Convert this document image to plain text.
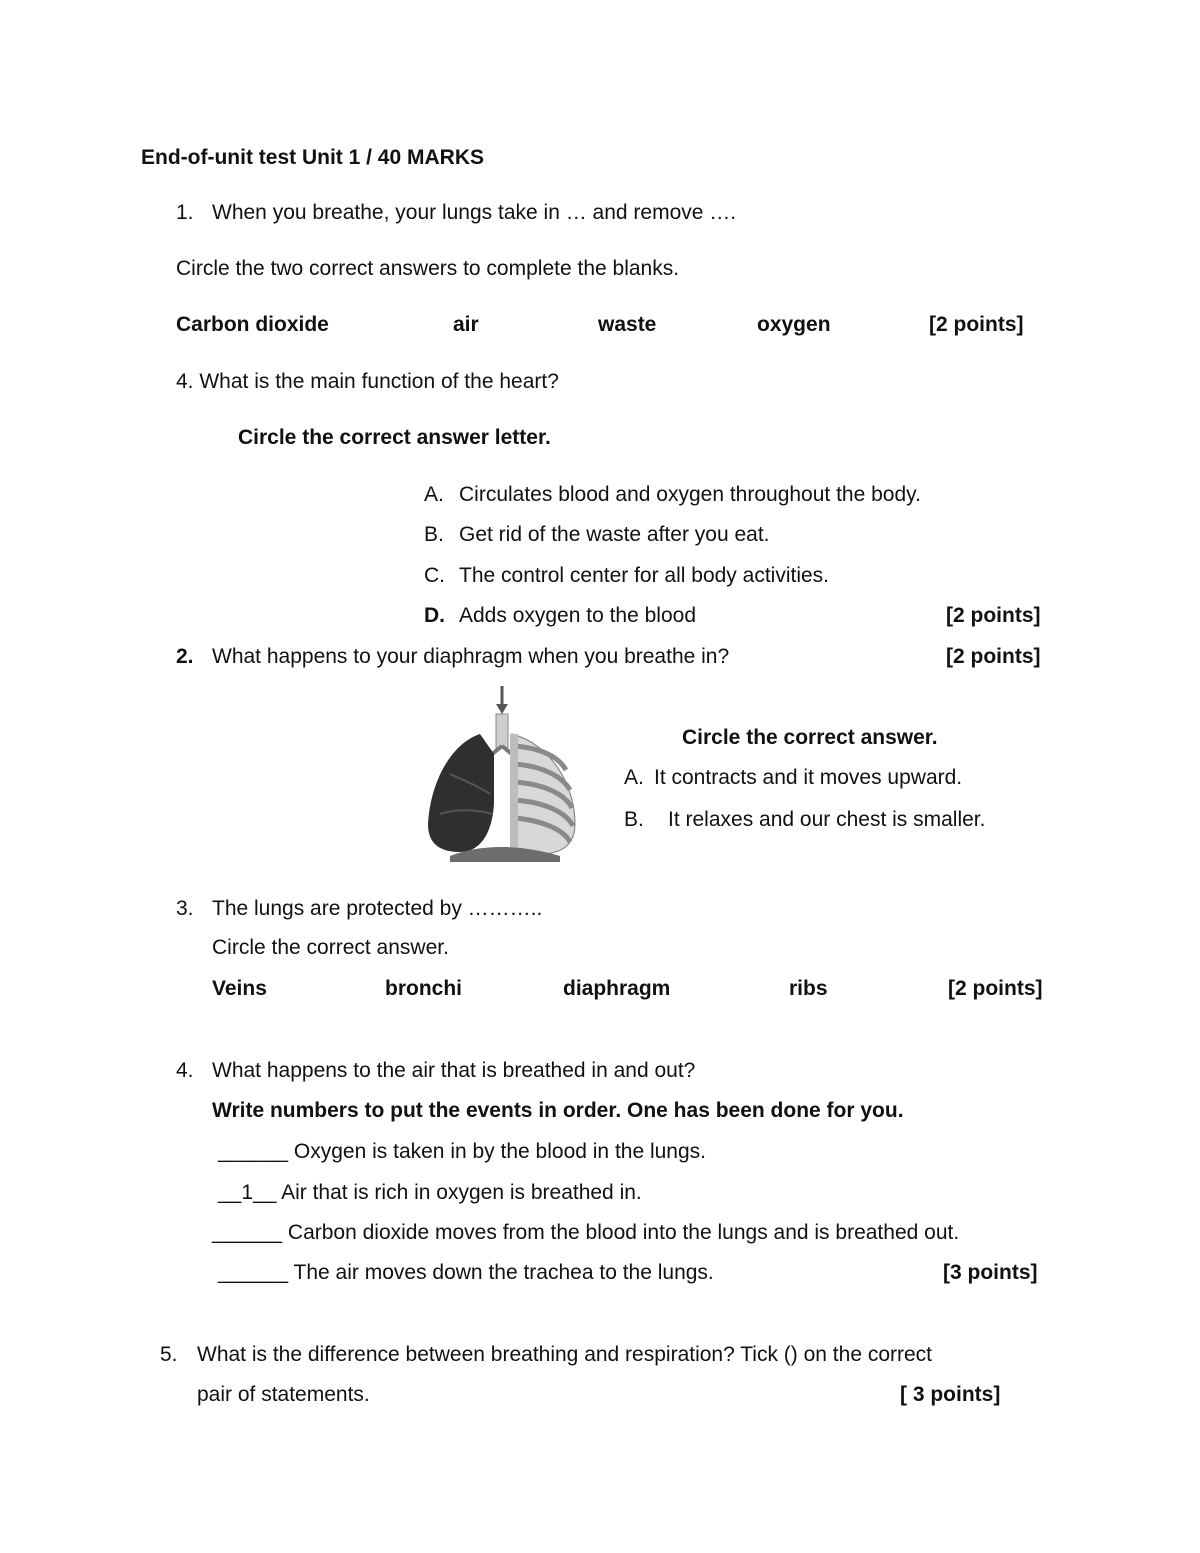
End-of-unit test Unit 1 / 40 MARKS
1. When you breathe, your lungs take in … and remove ….
Circle the two correct answers to complete the blanks.
Carbon dioxide	air	waste	oxygen	[2 points]
4. What is the main function of the heart?
Circle the correct answer letter.
A. Circulates blood and oxygen throughout the body.
B. Get rid of the waste after you eat.
C. The control center for all body activities.
D. Adds oxygen to the blood	[2 points]
2. What happens to your diaphragm when you breathe in?	[2 points]
Circle the correct answer.
A. It contracts and it moves upward.
B. It relaxes and our chest is smaller.
3. The lungs are protected by ………..
Circle the correct answer.
Veins	bronchi	diaphragm	ribs	[2 points]
4. What happens to the air that is breathed in and out?
Write numbers to put the events in order. One has been done for you.
______ Oxygen is taken in by the blood in the lungs.
__1__ Air that is rich in oxygen is breathed in.
______ Carbon dioxide moves from the blood into the lungs and is breathed out.
______ The air moves down the trachea to the lungs.	[3 points]
5. What is the difference between breathing and respiration? Tick () on the correct
pair of statements.	[ 3 points]
